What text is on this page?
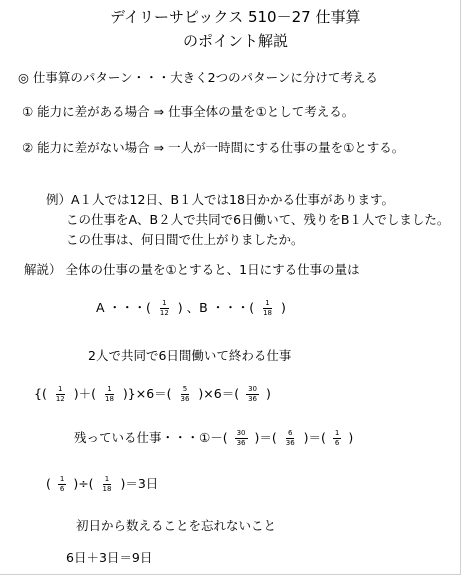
デイリーサピックス 510－27 仕事算
のポイント解説
◎ 仕事算のパターン・・・大きく2つのパターンに分けて考える
① 能力に差がある場合 ⇒ 仕事全体の量を①として考える。
② 能力に差がない場合 ⇒ 一人が一時間にする仕事の量を①とする。
例）A１人では12日、B１人では18日かかる仕事があります。
この仕事をA、B２人で共同で6日働いて、残りをB１人でしました。
この仕事は、何日間で仕上がりましたか。
解説） 全体の仕事の量を①とすると、1日にする仕事の量は
A ・・・( $\frac{1}{12}$ ) 、B ・・・( $\frac{1}{18}$ )
2人で共同で6日間働いて終わる仕事
{( $\frac{1}{12}$ )＋( $\frac{1}{18} )\}\times 6=( \frac{5}{36} )\times 6=( \frac{30}{36}$ )
残っている仕事・・・①－( $\frac{30}{36}$ )＝( $\frac{6}{36}$ )＝( $\frac{1}{6}$ )
( $\frac{1}{6}$ )÷( $\frac{1}{18} )=3$日
初日から数えることを忘れないこと
6日＋3日＝9日
